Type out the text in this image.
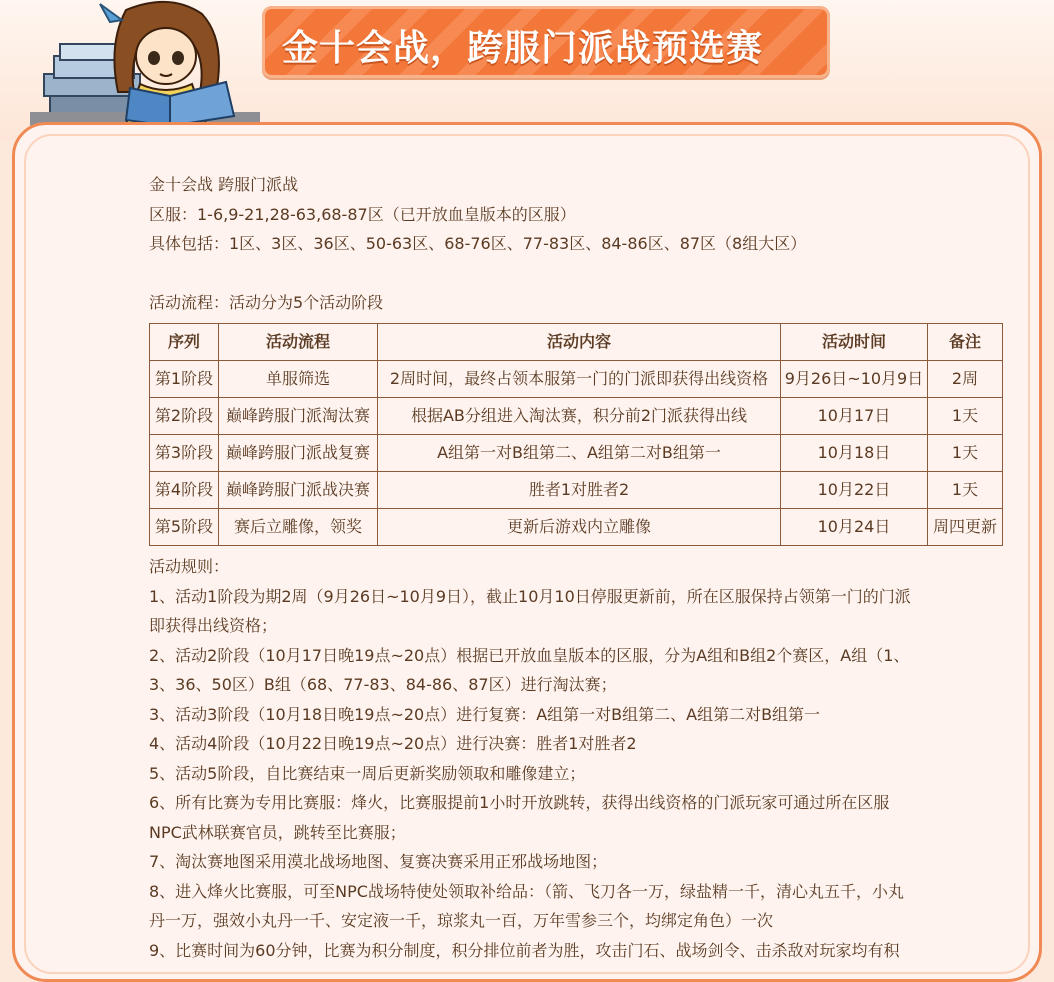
金十会战，跨服门派战预选赛

金十会战 跨服门派战

区服：1-6,9-21,28-63,68-87区（已开放血皇版本的区服）

具体包括：1区、3区、36区、50-63区、68-76区、77-83区、84-86区、87区（8组大区）

活动流程：活动分为5个活动阶段

序列	活动流程	活动内容	活动时间	备注
第1阶段	单服筛选	2周时间，最终占领本服第一门的门派即获得出线资格	9月26日~10月9日	2周
第2阶段	巅峰跨服门派淘汰赛	根据AB分组进入淘汰赛，积分前2门派获得出线	10月17日	1天
第3阶段	巅峰跨服门派战复赛	A组第一对B组第二、A组第二对B组第一	10月18日	1天
第4阶段	巅峰跨服门派战决赛	胜者1对胜者2	10月22日	1天
第5阶段	赛后立雕像，领奖	更新后游戏内立雕像	10月24日	周四更新

活动规则：

1、活动1阶段为期2周（9月26日~10月9日），截止10月10日停服更新前，所在区服保持占领第一门的门派

即获得出线资格；

2、活动2阶段（10月17日晚19点~20点）根据已开放血皇版本的区服，分为A组和B组2个赛区，A组（1、

3、36、50区）B组（68、77-83、84-86、87区）进行淘汰赛；

3、活动3阶段（10月18日晚19点~20点）进行复赛：A组第一对B组第二、A组第二对B组第一

4、活动4阶段（10月22日晚19点~20点）进行决赛：胜者1对胜者2

5、活动5阶段，自比赛结束一周后更新奖励领取和雕像建立；

6、所有比赛为专用比赛服：烽火，比赛服提前1小时开放跳转，获得出线资格的门派玩家可通过所在区服

NPC武林联赛官员，跳转至比赛服；

7、淘汰赛地图采用漠北战场地图、复赛决赛采用正邪战场地图；

8、进入烽火比赛服，可至NPC战场特使处领取补给品：（箭、飞刀各一万，绿盐精一千，清心丸五千，小丸

丹一万，强效小丸丹一千、安定液一千，琼浆丸一百，万年雪参三个，均绑定角色）一次

9、比赛时间为60分钟，比赛为积分制度，积分排位前者为胜，攻击门石、战场剑令、击杀敌对玩家均有积
